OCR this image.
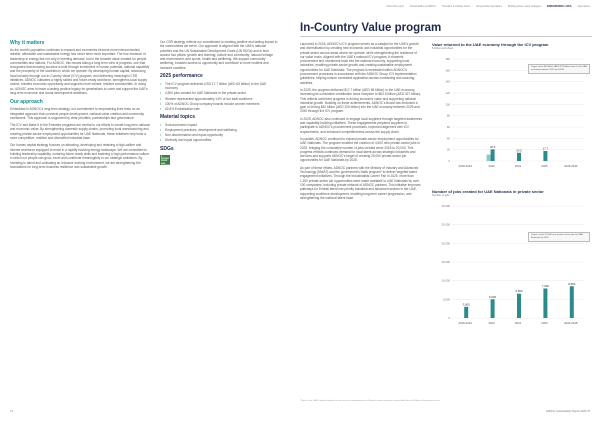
About this report	Sustainability at ADNOC	Transition & Climate Action	Responsible Operations	Building future-ready strategies	EMPOWERING LIVES	Appendices
Why it matters

As the world's population continues to expand and economies become more interconnected, reliable, affordable and sustainable energy has never been more important. The true measure of leadership in energy lies not only in meeting demand, but in the broader value created for people, communities and nations. For ADNOC, this means taking a long-term view of progress, one that recognizes that enduring success is built through investment in human potential, national capability and the prosperity of the societies in which we operate. By developing human capital, advancing local industry through our In-Country Value (ICV) program, and delivering meaningful CSR initiatives, ADNOC cultivates a highly skilled and future-ready workforce, strengthens local supply chains, bolsters economic opportunity and supports more vibrant, resilient communities. In doing so, ADNOC aims to leave a lasting positive legacy for generations to come and support the UAE's long-term economic and social development ambitions.

Our approach

Embedded in ADNOC's long-term strategy, our commitment to empowering lives rests on an integrated approach that connects people development, national value creation and community investment. This approach is supported by clear priorities, partnerships and governance.

The ICV and Make it in the Emirates programs are central to our efforts to create long-term national and economic value. By strengthening domestic supply chains, promoting local manufacturing and creating private-sector employment opportunities for UAE Nationals, these initiatives help build a more competitive, resilient and diversified industrial base.

Our human capital strategy focuses on attracting, developing and retaining a high-caliber and diverse workforce equipped to excel in a rapidly evolving energy landscape. We are committed to building leadership capability, nurturing future-ready skills and fostering a high-performance culture in which our people can grow, excel and contribute meaningfully to our strategic ambitions. By investing in talent and cultivating an inclusive working environment, we are strengthening the foundations for long-term business resilience and sustainable growth.

Our CSR strategy reflects our commitment to creating positive and lasting impact in the communities we serve. Our approach is aligned with the UAE's national priorities and the UN Sustainable Development Goals (UN SDGs) and is built around four pillars: growth and learning; culture and community; natural heritage and environment; and sports, health and wellbeing. We support community wellbeing, broaden access to opportunity and contribute to more resilient and inclusive societies.

2025 performance
• The ICV program delivered USD 17.7 billion (AED 65 billion) to the UAE economy
• 4,500 jobs created for UAE Nationals in the private sector
• Women represented approximately 14% of our total workforce
• 100% of ADNOC Group company boards include women members
• 62.8% Emiratization rate
Material topics
• Socioeconomic impact
• Employment practices, development and wellbeing
• Non-discrimination and equal opportunity
• Diversity and equal opportunities
SDGs
8 DECENT WORK AND ECONOMIC GROWTH
In-Country Value program

Launched in 2018, ADNOC's ICV program serves as a catalyst for the UAE's growth and diversification by creating new economic and industrial opportunities for the private sector across areas where we operate, while strengthening the resilience of our value chain. Aligned with the UAE's national ICV program, it channels procurement and investment back into the national economy, supporting local industries, enabling private-sector growth and creating sustainable employment opportunities for UAE Nationals. The program is embedded within ADNOC's procurement processes in accordance with the ADNOC Group ICV implementation guidelines, helping ensure consistent application across contracting and sourcing activities.

In 2025, the program delivered $17.7 billion (AED 65 billion) to the UAE economy, increasing its cumulative contribution since inception to $63.5 billion (AED 327 billion). This reflects continued progress in driving economic value and supporting national industrial growth. Building on these achievements, ADNOC's Board has endorsed a goal of driving $40 billion (AED 220 billion) into the UAE economy between 2025 and 2030 through the ICV program.

In 2025, ADNOC also continued to engage local suppliers through targeted awareness and capability-building initiatives. These engagements prepared suppliers to participate in ADNOC's procurement processes, improved alignment with ICV requirements, and enhanced competitiveness across the supply chain.

In parallel, ADNOC continued to expand private-sector employment opportunities for UAE Nationals. The program enabled the creation of 4,500 new private-sector jobs in 2025, bringing the cumulative number of jobs created since 2018 to 20,000. This progress reflects continued demand for local talent across strategic industries and services and supports ADNOC's target of creating 25,000 private-sector job opportunities for UAE Nationals by 2028.

As part of these efforts, ADNOC partners with the Ministry of Industry and Advanced Technology (MoIAT) and the government's Nafis program* to deliver targeted talent engagement initiatives. Through the Industrialists Career Fair in 2025, more than 1,200 private-sector job opportunities were made available to UAE Nationals by over 100 companies, including private network of ADNOC partners. This initiative improves pathways for Emirati talent into priority industrial and advanced sectors in the UAE, supporting workforce development, enabling long-term career progression, and strengthening the national talent base.

Value returned to the UAE economy through the ICV program
$ billion and share
0
20
40
60
80
100
120
140
160
180
2018-2023	2023
20.5
2024
14.5
2025
17.7
2026-2030
Number of jobs created for UAE Nationals in private sector
Number of jobs
0
5,000
10,000
15,000
20,000
25,000
30,000
2018-2023
3,000
2023
5,000
2024
6,500
2025
7,900
2026-2028
8,500
Target: drive $40 billion (AED 220 billion) back to the UAE economy between 2025 and 2030
Target: create 25,000 new private sector jobs for UAE Nationals by 2028
* Nafis is the UAE's federal initiative to increase the competitiveness of Emirati human resources and enable them to fill jobs in the private sector
74	ADNOC Sustainability Report 2025 75
